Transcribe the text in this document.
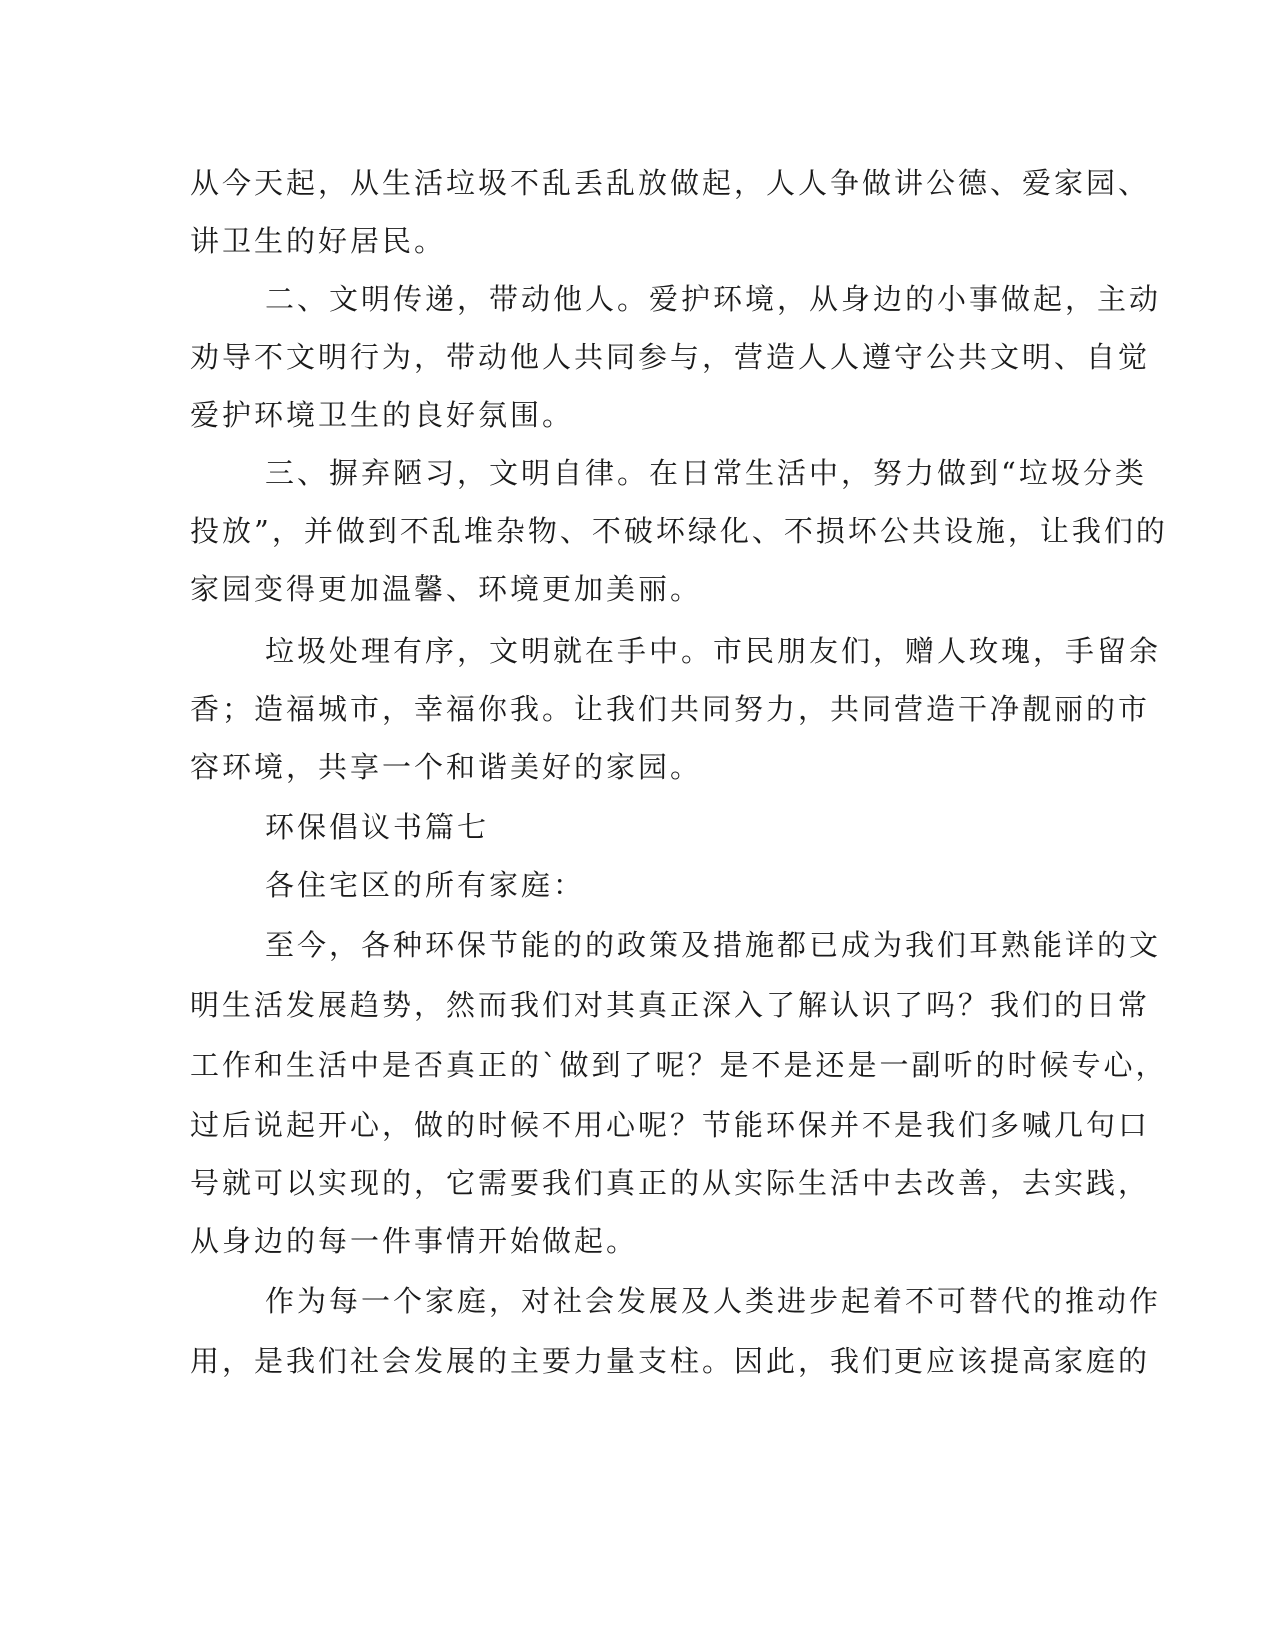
从今天起，从生活垃圾不乱丢乱放做起，人人争做讲公德、爱家园、
讲卫生的好居民。
二、文明传递，带动他人。爱护环境，从身边的小事做起，主动
劝导不文明行为，带动他人共同参与，营造人人遵守公共文明、自觉
爱护环境卫生的良好氛围。
三、摒弃陋习，文明自律。在日常生活中，努力做到“垃圾分类
投放”，并做到不乱堆杂物、不破坏绿化、不损坏公共设施，让我们的
家园变得更加温馨、环境更加美丽。
垃圾处理有序，文明就在手中。市民朋友们，赠人玫瑰，手留余
香；造福城市，幸福你我。让我们共同努力，共同营造干净靓丽的市
容环境，共享一个和谐美好的家园。
环保倡议书篇七
各住宅区的所有家庭：
至今，各种环保节能的的政策及措施都已成为我们耳熟能详的文
明生活发展趋势，然而我们对其真正深入了解认识了吗？我们的日常
工作和生活中是否真正的`做到了呢？是不是还是一副听的时候专心，
过后说起开心，做的时候不用心呢？节能环保并不是我们多喊几句口
号就可以实现的，它需要我们真正的从实际生活中去改善，去实践，
从身边的每一件事情开始做起。
作为每一个家庭，对社会发展及人类进步起着不可替代的推动作
用，是我们社会发展的主要力量支柱。因此，我们更应该提高家庭的
